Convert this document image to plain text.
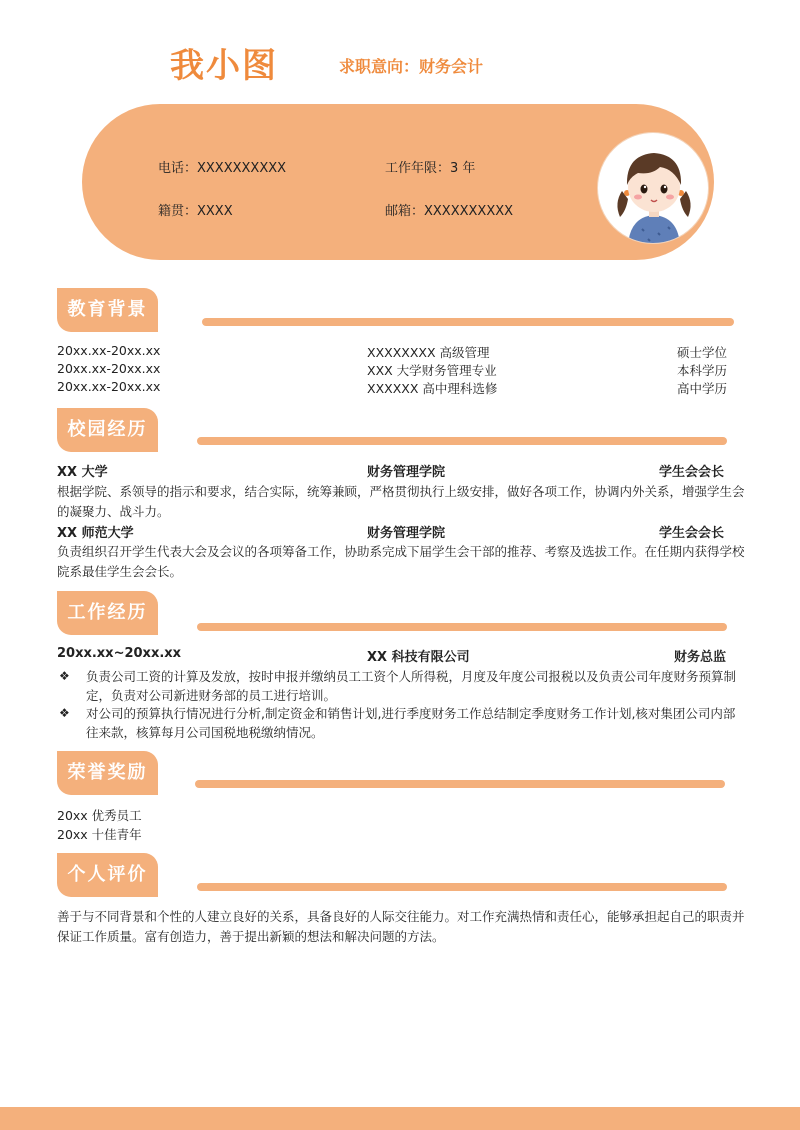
我小图	求职意向：财务会计
电话：XXXXXXXXXX	工作年限：3 年
籍贯：XXXX	邮箱：XXXXXXXXXX
教育背景
20xx.xx-20xx.xx	XXXXXXXX 高级管理	硕士学位
20xx.xx-20xx.xx	XXX 大学财务管理专业	本科学历
20xx.xx-20xx.xx	XXXXXX 高中理科选修	高中学历
校园经历
XX 大学	财务管理学院	学生会会长
根据学院、系领导的指示和要求，结合实际，统筹兼顾，严格贯彻执行上级安排，做好各项工作，协调内外关系，增强学生会的凝聚力、战斗力。
XX 师范大学	财务管理学院	学生会会长
负责组织召开学生代表大会及会议的各项筹备工作，协助系完成下届学生会干部的推荐、考察及选拔工作。在任期内获得学校院系最佳学生会会长。
工作经历
20xx.xx~20xx.xx	XX 科技有限公司	财务总监
❖ 负责公司工资的计算及发放，按时申报并缴纳员工工资个人所得税，月度及年度公司报税以及负责公司年度财务预算制定，负责对公司新进财务部的员工进行培训。
❖ 对公司的预算执行情况进行分析,制定资金和销售计划,进行季度财务工作总结制定季度财务工作计划,核对集团公司内部往来款，核算每月公司国税地税缴纳情况。
荣誉奖励
20xx 优秀员工
20xx 十佳青年
个人评价
善于与不同背景和个性的人建立良好的关系，具备良好的人际交往能力。对工作充满热情和责任心，能够承担起自己的职责并保证工作质量。富有创造力，善于提出新颖的想法和解决问题的方法。
